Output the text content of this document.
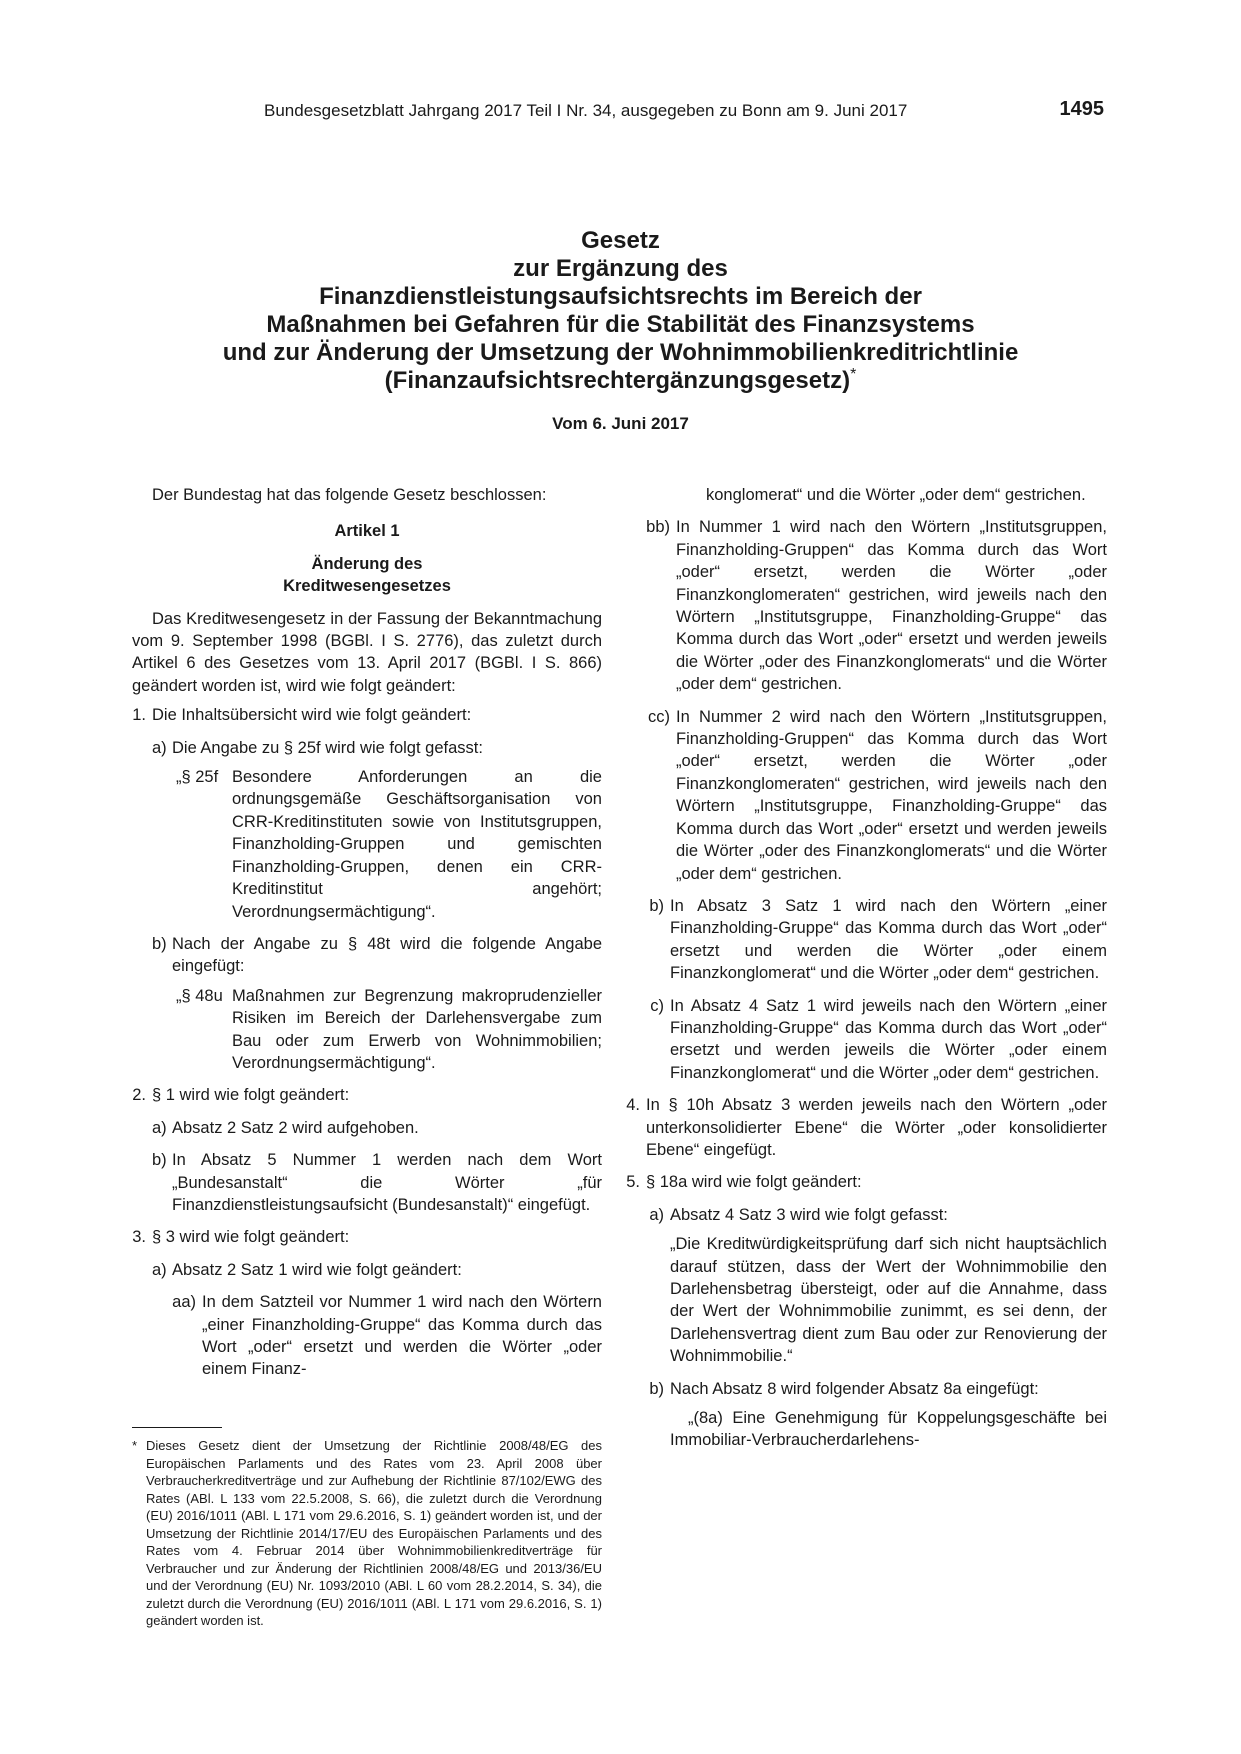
Bundesgesetzblatt Jahrgang 2017 Teil I Nr. 34, ausgegeben zu Bonn am 9. Juni 2017	1495
Gesetz
zur Ergänzung des
Finanzdienstleistungsaufsichtsrechts im Bereich der
Maßnahmen bei Gefahren für die Stabilität des Finanzsystems
und zur Änderung der Umsetzung der Wohnimmobilienkreditrichtlinie
(Finanzaufsichtsrechtergänzungsgesetz)*
Vom 6. Juni 2017

Der Bundestag hat das folgende Gesetz beschlossen:

Artikel 1

Änderung des

Kreditwesengesetzes

Das Kreditwesengesetz in der Fassung der Bekanntmachung vom 9. September 1998 (BGBl. I S. 2776), das zuletzt durch Artikel 6 des Gesetzes vom 13. April 2017 (BGBl. I S. 866) geändert worden ist, wird wie folgt geändert:

1. Die Inhaltsübersicht wird wie folgt geändert:
a) Die Angabe zu § 25f wird wie folgt gefasst:
„§ 25f Besondere Anforderungen an die ordnungsgemäße Geschäftsorganisation von CRR-Kreditinstituten sowie von Institutsgruppen, Finanzholding-Gruppen und gemischten Finanzholding-Gruppen, denen ein CRR-Kreditinstitut angehört; Verordnungsermächtigung“.
b) Nach der Angabe zu § 48t wird die folgende Angabe eingefügt:
„§ 48u Maßnahmen zur Begrenzung makroprudenzieller Risiken im Bereich der Darlehensvergabe zum Bau oder zum Erwerb von Wohnimmobilien; Verordnungsermächtigung“.
2. § 1 wird wie folgt geändert:
a) Absatz 2 Satz 2 wird aufgehoben.
b) In Absatz 5 Nummer 1 werden nach dem Wort „Bundesanstalt“ die Wörter „für Finanzdienstleistungsaufsicht (Bundesanstalt)“ eingefügt.
3. § 3 wird wie folgt geändert:
a) Absatz 2 Satz 1 wird wie folgt geändert:
aa) In dem Satzteil vor Nummer 1 wird nach den Wörtern „einer Finanzholding-Gruppe“ das Komma durch das Wort „oder“ ersetzt und werden die Wörter „oder einem Finanz-
konglomerat“ und die Wörter „oder dem“ gestrichen.
bb) In Nummer 1 wird nach den Wörtern „Institutsgruppen, Finanzholding-Gruppen“ das Komma durch das Wort „oder“ ersetzt, werden die Wörter „oder Finanzkonglomeraten“ gestrichen, wird jeweils nach den Wörtern „Institutsgruppe, Finanzholding-Gruppe“ das Komma durch das Wort „oder“ ersetzt und werden jeweils die Wörter „oder des Finanzkonglomerats“ und die Wörter „oder dem“ gestrichen.
cc) In Nummer 2 wird nach den Wörtern „Institutsgruppen, Finanzholding-Gruppen“ das Komma durch das Wort „oder“ ersetzt, werden die Wörter „oder Finanzkonglomeraten“ gestrichen, wird jeweils nach den Wörtern „Institutsgruppe, Finanzholding-Gruppe“ das Komma durch das Wort „oder“ ersetzt und werden jeweils die Wörter „oder des Finanzkonglomerats“ und die Wörter „oder dem“ gestrichen.
b) In Absatz 3 Satz 1 wird nach den Wörtern „einer Finanzholding-Gruppe“ das Komma durch das Wort „oder“ ersetzt und werden die Wörter „oder einem Finanzkonglomerat“ und die Wörter „oder dem“ gestrichen.
c) In Absatz 4 Satz 1 wird jeweils nach den Wörtern „einer Finanzholding-Gruppe“ das Komma durch das Wort „oder“ ersetzt und werden jeweils die Wörter „oder einem Finanzkonglomerat“ und die Wörter „oder dem“ gestrichen.
4. In § 10h Absatz 3 werden jeweils nach den Wörtern „oder unterkonsolidierter Ebene“ die Wörter „oder konsolidierter Ebene“ eingefügt.
5. § 18a wird wie folgt geändert:
a) Absatz 4 Satz 3 wird wie folgt gefasst:
„Die Kreditwürdigkeitsprüfung darf sich nicht hauptsächlich darauf stützen, dass der Wert der Wohnimmobilie den Darlehensbetrag übersteigt, oder auf die Annahme, dass der Wert der Wohnimmobilie zunimmt, es sei denn, der Darlehensvertrag dient zum Bau oder zur Renovierung der Wohnimmobilie.“
b) Nach Absatz 8 wird folgender Absatz 8a eingefügt:
„(8a) Eine Genehmigung für Koppelungsgeschäfte bei Immobiliar-Verbraucherdarlehens-
* Dieses Gesetz dient der Umsetzung der Richtlinie 2008/48/EG des Europäischen Parlaments und des Rates vom 23. April 2008 über Verbraucherkreditverträge und zur Aufhebung der Richtlinie 87/102/EWG des Rates (ABl. L 133 vom 22.5.2008, S. 66), die zuletzt durch die Verordnung (EU) 2016/1011 (ABl. L 171 vom 29.6.2016, S. 1) geändert worden ist, und der Umsetzung der Richtlinie 2014/17/EU des Europäischen Parlaments und des Rates vom 4. Februar 2014 über Wohnimmobilienkreditverträge für Verbraucher und zur Änderung der Richtlinien 2008/48/EG und 2013/36/EU und der Verordnung (EU) Nr. 1093/2010 (ABl. L 60 vom 28.2.2014, S. 34), die zuletzt durch die Verordnung (EU) 2016/1011 (ABl. L 171 vom 29.6.2016, S. 1) geändert worden ist.
